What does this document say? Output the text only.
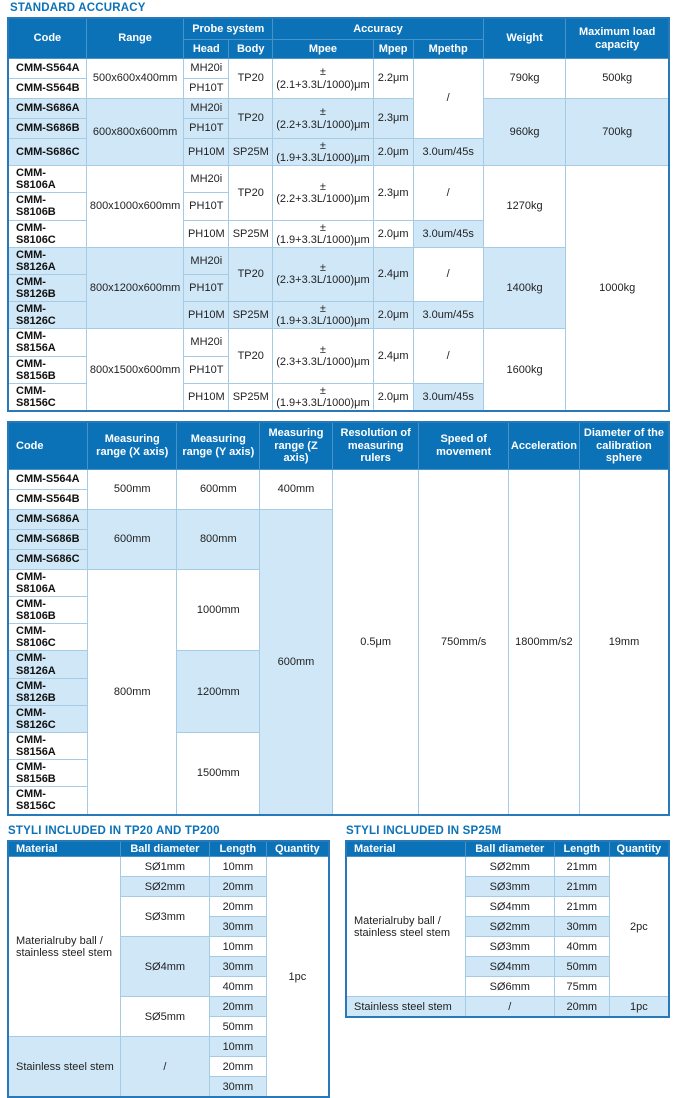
STANDARD ACCURACY
Code	Range	Probe system		Accuracy			Weight	Maximum load capacity
		Head	Body	Mpee	Mpep	Mpethp		
CMM-S564A	500x600x400mm	MH20i	TP20	±(2.1+3.3L/1000)μm	2.2μm	/	790kg	500kg
CMM-S564B		PH10T						
CMM-S686A	600x800x600mm	MH20i	TP20	±(2.2+3.3L/1000)μm	2.3μm		960kg	700kg
CMM-S686B		PH10T						
CMM-S686C		PH10M	SP25M	±(1.9+3.3L/1000)μm	2.0μm	3.0um/45s		
CMM-S8106A	800x1000x600mm	MH20i	TP20	±(2.2+3.3L/1000)μm	2.3μm	/	1270kg	1000kg
CMM-S8106B		PH10T						
CMM-S8106C		PH10M	SP25M	±(1.9+3.3L/1000)μm	2.0μm	3.0um/45s		
CMM-S8126A	800x1200x600mm	MH20i	TP20	±(2.3+3.3L/1000)μm	2.4μm	/	1400kg	
CMM-S8126B		PH10T						
CMM-S8126C		PH10M	SP25M	±(1.9+3.3L/1000)μm	2.0μm	3.0um/45s		
CMM-S8156A	800x1500x600mm	MH20i	TP20	±(2.3+3.3L/1000)μm	2.4μm	/	1600kg	
CMM-S8156B		PH10T						
CMM-S8156C		PH10M	SP25M	±(1.9+3.3L/1000)μm	2.0μm	3.0um/45s		
Code	Measuring range (X axis)	Measuring range (Y axis)	Measuring range (Z axis)	Resolution of measuring rulers	Speed of movement	Acceleration	Diameter of the calibration sphere
CMM-S564A	500mm	600mm	400mm	0.5μm	750mm/s	1800mm/s2	19mm
CMM-S564B							
CMM-S686A	600mm	800mm	600mm				
CMM-S686B							
CMM-S686C							
CMM-S8106A	800mm	1000mm					
CMM-S8106B							
CMM-S8106C							
CMM-S8126A		1200mm					
CMM-S8126B							
CMM-S8126C							
CMM-S8156A		1500mm					
CMM-S8156B							
CMM-S8156C							
STYLI INCLUDED IN TP20 AND TP200
Material	Ball diameter	Length	Quantity
Materialruby ball / stainless steel stem	SØ1mm	10mm	1pc
	SØ2mm	20mm	
	SØ3mm	20mm	
		30mm	
	SØ4mm	10mm	
		30mm	
		40mm	
	SØ5mm	20mm	
		50mm	
Stainless steel stem	/	10mm	
		20mm	
		30mm	
STYLI INCLUDED IN SP25M
Material	Ball diameter	Length	Quantity
Materialruby ball / stainless steel stem	SØ2mm	21mm	2pc
	SØ3mm	21mm	
	SØ4mm	21mm	
	SØ2mm	30mm	
	SØ3mm	40mm	
	SØ4mm	50mm	
	SØ6mm	75mm	
Stainless steel stem	/	20mm	1pc
